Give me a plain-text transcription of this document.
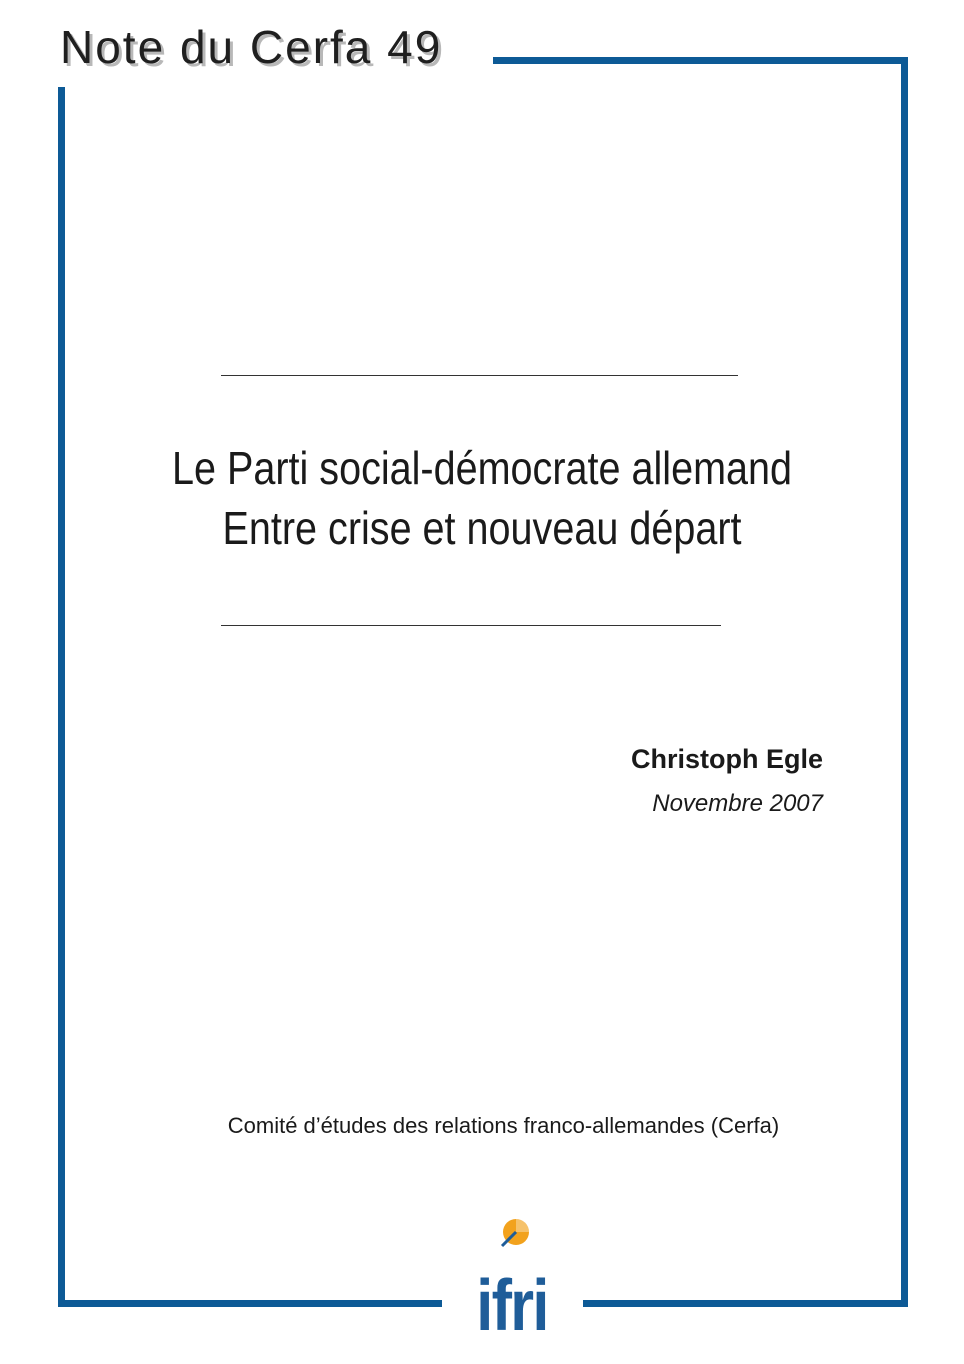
Note du Cerfa 49
Le Parti social-démocrate allemand
Entre crise et nouveau départ
Christoph Egle
Novembre 2007
Comité d’études des relations franco-allemandes (Cerfa)
ifri
